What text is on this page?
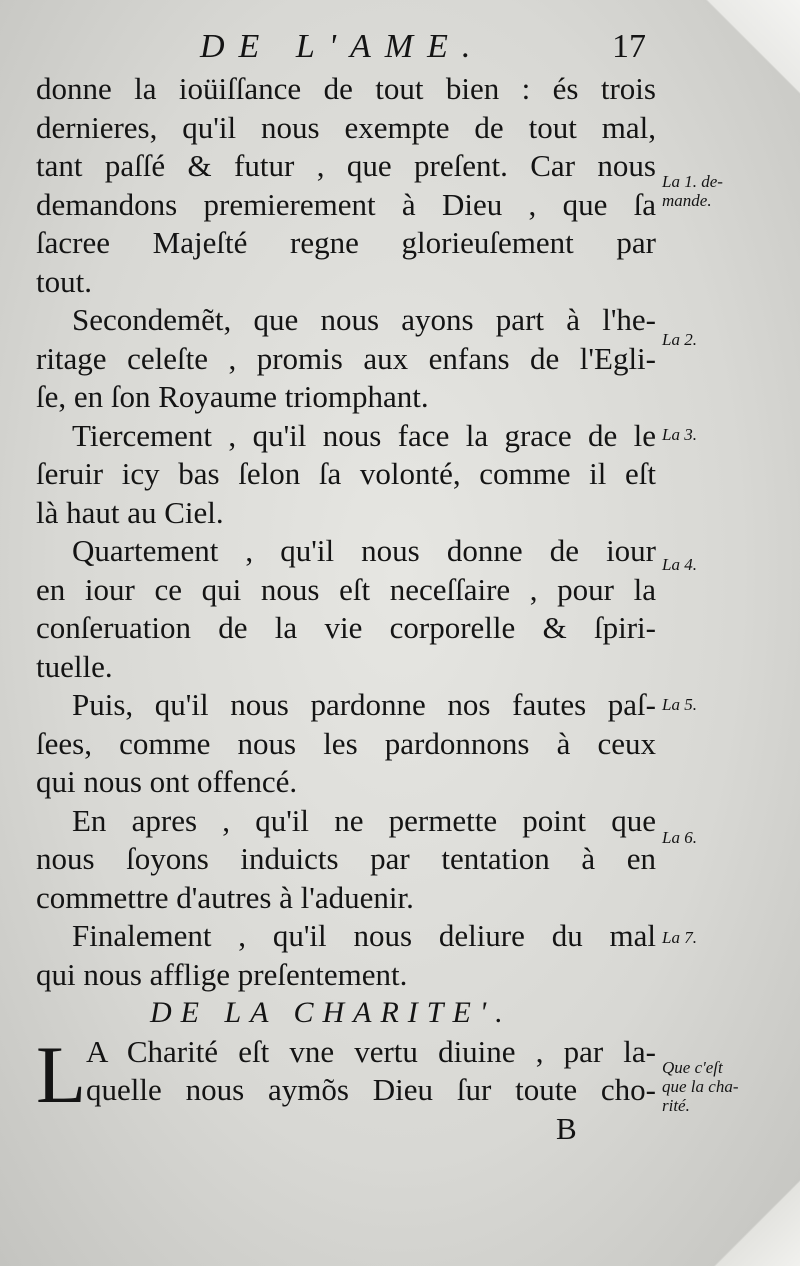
DE L'AME.	17
donne la ioüiſſance de tout bien : és trois
dernieres, qu'il nous exempte de tout mal,
tant paſſé & futur , que preſent. Car nous
demandons premierement à Dieu , que ſa
ſacree Majeſté regne glorieuſement par
tout.
Secondemẽt, que nous ayons part à l'he-
ritage celeſte , promis aux enfans de l'Egli-
ſe, en ſon Royaume triomphant.
Tiercement , qu'il nous face la grace de le
ſeruir icy bas ſelon ſa volonté, comme il eſt
là haut au Ciel.
Quartement , qu'il nous donne de iour
en iour ce qui nous eſt neceſſaire , pour la
conſeruation de la vie corporelle & ſpiri-
tuelle.
Puis, qu'il nous pardonne nos fautes paſ-
ſees, comme nous les pardonnons à ceux
qui nous ont offencé.
En apres , qu'il ne permette point que
nous ſoyons induicts par tentation à en
commettre d'autres à l'aduenir.
Finalement , qu'il nous deliure du mal
qui nous afflige preſentement.
DE LA CHARITE'.
L A Charité eſt vne vertu diuine , par la-
quelle nous aymõs Dieu ſur toute cho-
B
La 1. de-
mande.
La 2.
La 3.
La 4.
La 5.
La 6.
La 7.
Que c'eſt
que la cha-
rité.
